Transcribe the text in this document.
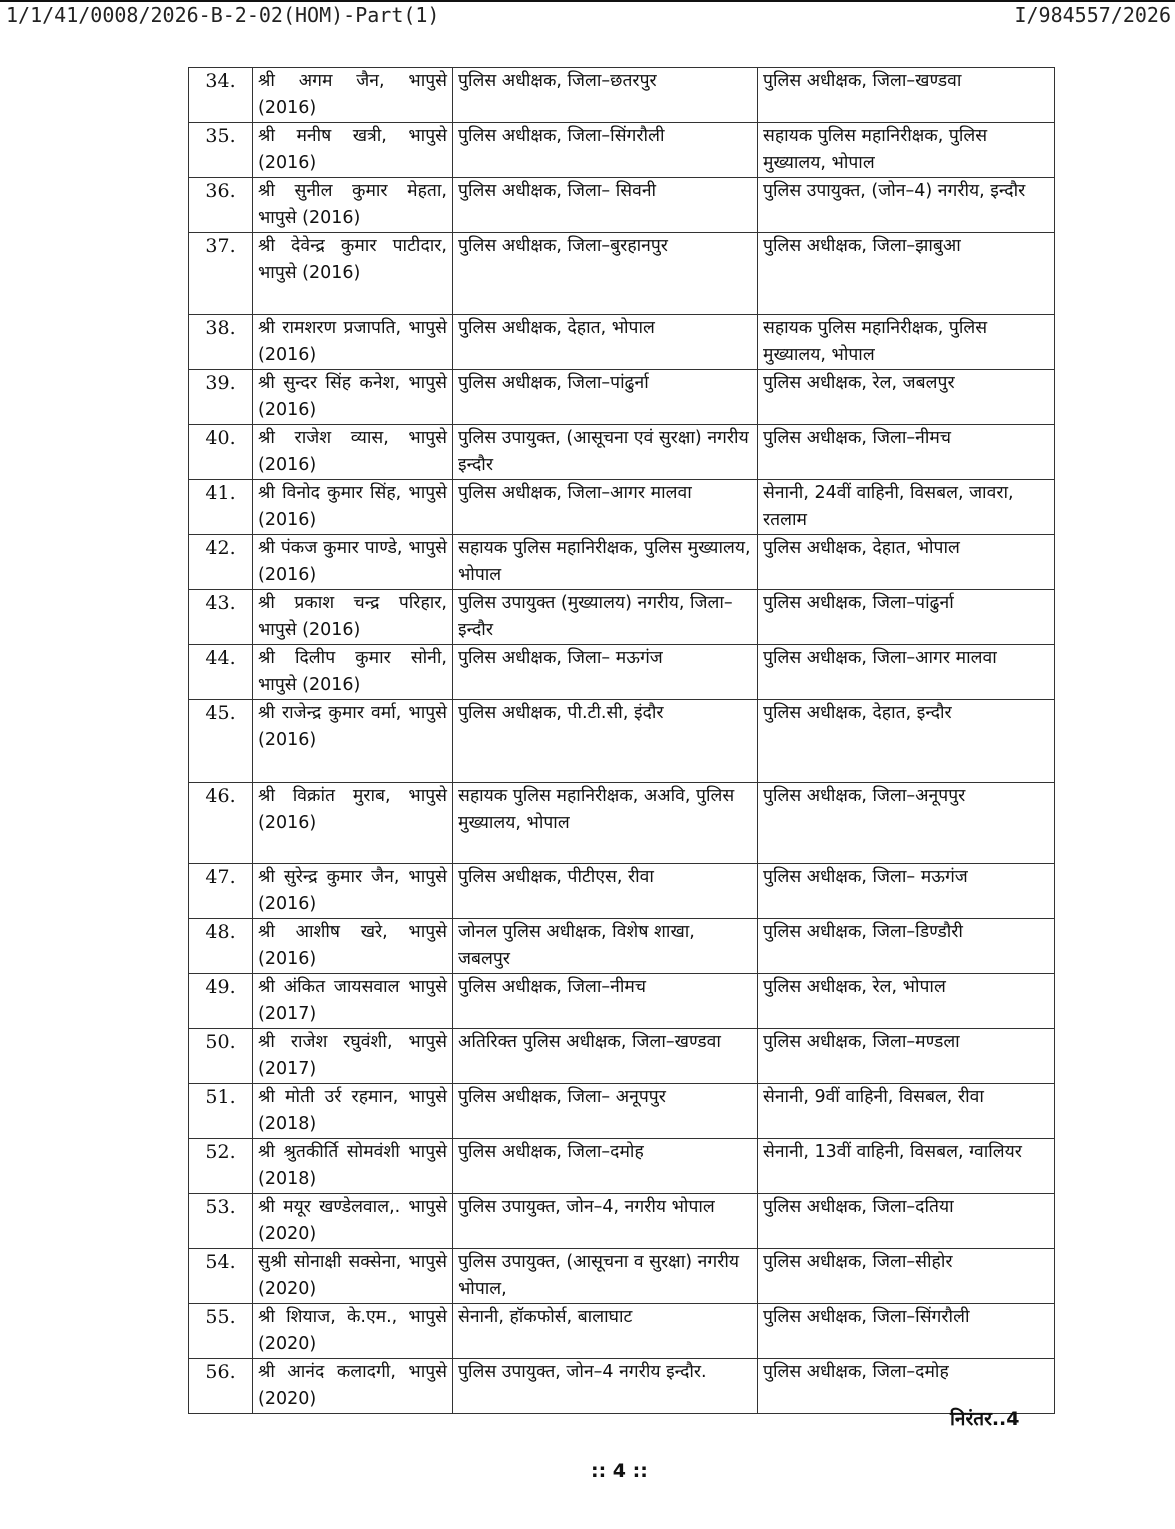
1/1/41/0008/2026-B-2-02(HOM)-Part(1)	I/984557/2026
34.	श्री अगम जैन, भापुसे (2016)	पुलिस अधीक्षक, जिला–छतरपुर	पुलिस अधीक्षक, जिला–खण्डवा
35.	श्री मनीष खत्री, भापुसे (2016)	पुलिस अधीक्षक, जिला–सिंगरौली	सहायक पुलिस महानिरीक्षक, पुलिस मुख्यालय, भोपाल
36.	श्री सुनील कुमार मेहता, भापुसे (2016)	पुलिस अधीक्षक, जिला– सिवनी	पुलिस उपायुक्त, (जोन–4) नगरीय, इन्दौर
37.	श्री देवेन्द्र कुमार पाटीदार, भापुसे (2016)	पुलिस अधीक्षक, जिला–बुरहानपुर	पुलिस अधीक्षक, जिला–झाबुआ
38.	श्री रामशरण प्रजापति, भापुसे (2016)	पुलिस अधीक्षक, देहात, भोपाल	सहायक पुलिस महानिरीक्षक, पुलिस मुख्यालय, भोपाल
39.	श्री सुन्दर सिंह कनेश, भापुसे (2016)	पुलिस अधीक्षक, जिला–पांढुर्ना	पुलिस अधीक्षक, रेल, जबलपुर
40.	श्री राजेश व्यास, भापुसे (2016)	पुलिस उपायुक्त, (आसूचना एवं सुरक्षा) नगरीय इन्दौर	पुलिस अधीक्षक, जिला–नीमच
41.	श्री विनोद कुमार सिंह, भापुसे (2016)	पुलिस अधीक्षक, जिला–आगर मालवा	सेनानी, 24वीं वाहिनी, विसबल, जावरा, रतलाम
42.	श्री पंकज कुमार पाण्डे, भापुसे (2016)	सहायक पुलिस महानिरीक्षक, पुलिस मुख्यालय, भोपाल	पुलिस अधीक्षक, देहात, भोपाल
43.	श्री प्रकाश चन्द्र परिहार, भापुसे (2016)	पुलिस उपायुक्त (मुख्यालय) नगरीय, जिला–इन्दौर	पुलिस अधीक्षक, जिला–पांढुर्ना
44.	श्री दिलीप कुमार सोनी, भापुसे (2016)	पुलिस अधीक्षक, जिला– मऊगंज	पुलिस अधीक्षक, जिला–आगर मालवा
45.	श्री राजेन्द्र कुमार वर्मा, भापुसे (2016)	पुलिस अधीक्षक, पी.टी.सी, इंदौर	पुलिस अधीक्षक, देहात, इन्दौर
46.	श्री विक्रांत मुराब, भापुसे (2016)	सहायक पुलिस महानिरीक्षक, अअवि, पुलिस मुख्यालय, भोपाल	पुलिस अधीक्षक, जिला–अनूपपुर
47.	श्री सुरेन्द्र कुमार जैन, भापुसे (2016)	पुलिस अधीक्षक, पीटीएस, रीवा	पुलिस अधीक्षक, जिला– मऊगंज
48.	श्री आशीष खरे, भापुसे (2016)	जोनल पुलिस अधीक्षक, विशेष शाखा, जबलपुर	पुलिस अधीक्षक, जिला–डिण्डौरी
49.	श्री अंकित जायसवाल भापुसे (2017)	पुलिस अधीक्षक, जिला–नीमच	पुलिस अधीक्षक, रेल, भोपाल
50.	श्री राजेश रघुवंशी, भापुसे (2017)	अतिरिक्त पुलिस अधीक्षक, जिला–खण्डवा	पुलिस अधीक्षक, जिला–मण्डला
51.	श्री मोती उर्र रहमान, भापुसे (2018)	पुलिस अधीक्षक, जिला– अनूपपुर	सेनानी, 9वीं वाहिनी, विसबल, रीवा
52.	श्री श्रुतकीर्ति सोमवंशी भापुसे (2018)	पुलिस अधीक्षक, जिला–दमोह	सेनानी, 13वीं वाहिनी, विसबल, ग्वालियर
53.	श्री मयूर खण्डेलवाल,. भापुसे (2020)	पुलिस उपायुक्त, जोन–4, नगरीय भोपाल	पुलिस अधीक्षक, जिला–दतिया
54.	सुश्री सोनाक्षी सक्सेना, भापुसे (2020)	पुलिस उपायुक्त, (आसूचना व सुरक्षा) नगरीय भोपाल,	पुलिस अधीक्षक, जिला–सीहोर
55.	श्री शियाज, के.एम., भापुसे (2020)	सेनानी, हॉकफोर्स, बालाघाट	पुलिस अधीक्षक, जिला–सिंगरौली
56.	श्री आनंद कलादगी, भापुसे (2020)	पुलिस उपायुक्त, जोन–4 नगरीय इन्दौर.	पुलिस अधीक्षक, जिला–दमोह
निरंतर..4
:: 4 ::
